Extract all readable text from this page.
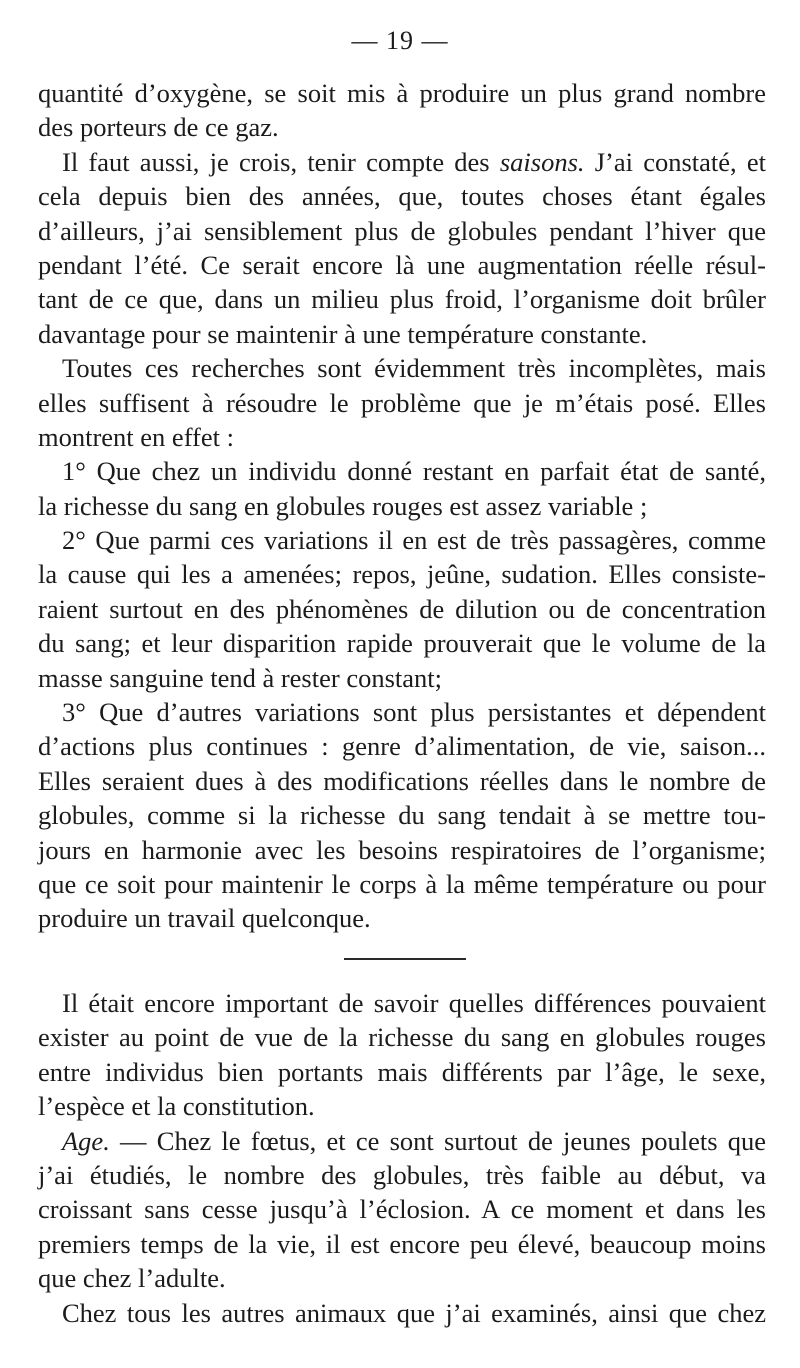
— 19 —
quantité d’oxygène, se soit mis à produire un plus grand nombre
des porteurs de ce gaz.
Il faut aussi, je crois, tenir compte des saisons. J’ai constaté, et
cela depuis bien des années, que, toutes choses étant égales
d’ailleurs, j’ai sensiblement plus de globules pendant l’hiver que
pendant l’été. Ce serait encore là une augmentation réelle résul-
tant de ce que, dans un milieu plus froid, l’organisme doit brûler
davantage pour se maintenir à une température constante.
Toutes ces recherches sont évidemment très incomplètes, mais
elles suffisent à résoudre le problème que je m’étais posé. Elles
montrent en effet :
1° Que chez un individu donné restant en parfait état de santé,
la richesse du sang en globules rouges est assez variable ;
2° Que parmi ces variations il en est de très passagères, comme
la cause qui les a amenées; repos, jeûne, sudation. Elles consiste-
raient surtout en des phénomènes de dilution ou de concentration
du sang; et leur disparition rapide prouverait que le volume de la
masse sanguine tend à rester constant;
3° Que d’autres variations sont plus persistantes et dépendent
d’actions plus continues : genre d’alimentation, de vie, saison...
Elles seraient dues à des modifications réelles dans le nombre de
globules, comme si la richesse du sang tendait à se mettre tou-
jours en harmonie avec les besoins respiratoires de l’organisme;
que ce soit pour maintenir le corps à la même température ou pour
produire un travail quelconque.
Il était encore important de savoir quelles différences pouvaient
exister au point de vue de la richesse du sang en globules rouges
entre individus bien portants mais différents par l’âge, le sexe,
l’espèce et la constitution.
Age. — Chez le fœtus, et ce sont surtout de jeunes poulets que
j’ai étudiés, le nombre des globules, très faible au début, va
croissant sans cesse jusqu’à l’éclosion. A ce moment et dans les
premiers temps de la vie, il est encore peu élevé, beaucoup moins
que chez l’adulte.
Chez tous les autres animaux que j’ai examinés, ainsi que chez
